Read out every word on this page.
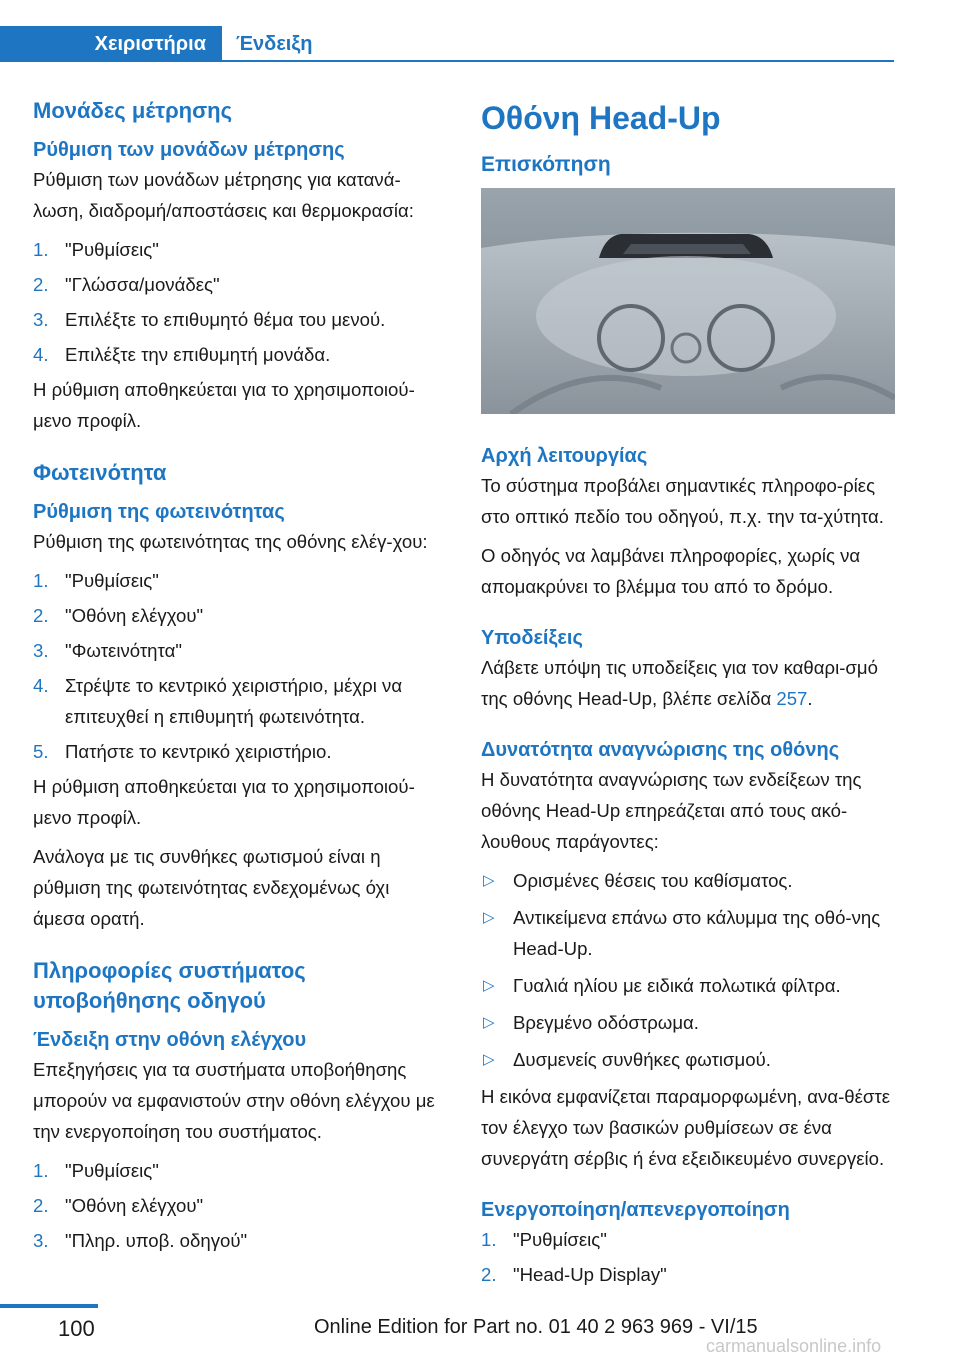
Χειριστήρια	Ένδειξη
Μονάδες μέτρησης
Ρύθμιση των μονάδων μέτρησης

Ρύθμιση των μονάδων μέτρησης για κατανά-λωση, διαδρομή/αποστάσεις και θερμοκρασία:

1. "Ρυθμίσεις"
2. "Γλώσσα/μονάδες"
3. Επιλέξτε το επιθυμητό θέμα του μενού.
4. Επιλέξτε την επιθυμητή μονάδα.

Η ρύθμιση αποθηκεύεται για το χρησιμοποιού-μενο προφίλ.

Φωτεινότητα
Ρύθμιση της φωτεινότητας

Ρύθμιση της φωτεινότητας της οθόνης ελέγ-χου:

1. "Ρυθμίσεις"
2. "Οθόνη ελέγχου"
3. "Φωτεινότητα"
4. Στρέψτε το κεντρικό χειριστήριο, μέχρι να επιτευχθεί η επιθυμητή φωτεινότητα.
5. Πατήστε το κεντρικό χειριστήριο.

Η ρύθμιση αποθηκεύεται για το χρησιμοποιού-μενο προφίλ.

Ανάλογα με τις συνθήκες φωτισμού είναι η ρύθμιση της φωτεινότητας ενδεχομένως όχι άμεσα ορατή.

Πληροφορίες συστήματος υποβοήθησης οδηγού
Ένδειξη στην οθόνη ελέγχου

Επεξηγήσεις για τα συστήματα υποβοήθησης μπορούν να εμφανιστούν στην οθόνη ελέγχου με την ενεργοποίηση του συστήματος.

1. "Ρυθμίσεις"
2. "Οθόνη ελέγχου"
3. "Πληρ. υποβ. οδηγού"
Οθόνη Head-Up
Επισκόπηση
Αρχή λειτουργίας

Το σύστημα προβάλει σημαντικές πληροφο-ρίες στο οπτικό πεδίο του οδηγού, π.χ. την τα-χύτητα.

Ο οδηγός να λαμβάνει πληροφορίες, χωρίς να απομακρύνει το βλέμμα του από το δρόμο.

Υποδείξεις

Λάβετε υπόψη τις υποδείξεις για τον καθαρι-σμό της οθόνης Head-Up, βλέπε σελίδα 257.

Δυνατότητα αναγνώρισης της οθόνης

Η δυνατότητα αναγνώρισης των ενδείξεων της οθόνης Head-Up επηρεάζεται από τους ακό-λουθους παράγοντες:

▷ Ορισμένες θέσεις του καθίσματος.
▷ Αντικείμενα επάνω στο κάλυμμα της οθό-νης Head-Up.
▷ Γυαλιά ηλίου με ειδικά πολωτικά φίλτρα.
▷ Βρεγμένο οδόστρωμα.
▷ Δυσμενείς συνθήκες φωτισμού.

Η εικόνα εμφανίζεται παραμορφωμένη, ανα-θέστε τον έλεγχο των βασικών ρυθμίσεων σε ένα συνεργάτη σέρβις ή ένα εξειδικευμένο συνεργείο.

Ενεργοποίηση/απενεργοποίηση
1. "Ρυθμίσεις"
2. "Head-Up Display"
100	Online Edition for Part no. 01 40 2 963 969 - VI/15
carmanualsonline.info
